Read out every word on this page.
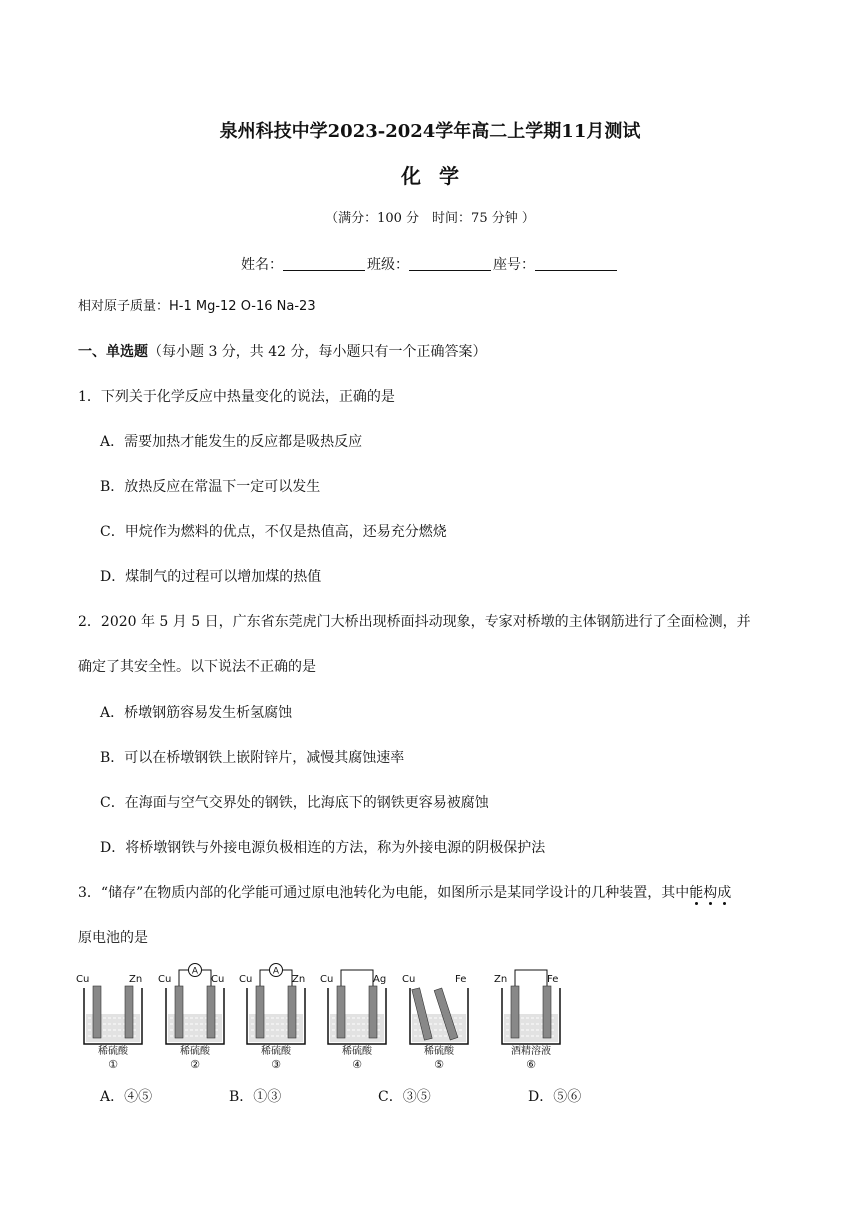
泉州科技中学2023-2024学年高二上学期11月测试
化学
（满分：100 分　时间：75 分钟 ）
姓名：	班级：	座号：
相对原子质量：H-1 Mg-12 O-16 Na-23
一、单选题（每小题 3 分，共 42 分，每小题只有一个正确答案）
1．下列关于化学反应中热量变化的说法，正确的是
A．需要加热才能发生的反应都是吸热反应
B．放热反应在常温下一定可以发生
C．甲烷作为燃料的优点，不仅是热值高，还易充分燃烧
D．煤制气的过程可以增加煤的热值
2．2020 年 5 月 5 日，广东省东莞虎门大桥出现桥面抖动现象，专家对桥墩的主体钢筋进行了全面检测，并
确定了其安全性。以下说法不正确的是
A．桥墩钢筋容易发生析氢腐蚀
B．可以在桥墩钢铁上嵌附锌片，减慢其腐蚀速率
C．在海面与空气交界处的钢铁，比海底下的钢铁更容易被腐蚀
D．将桥墩钢铁与外接电源负极相连的方法，称为外接电源的阴极保护法
3．“储存”在物质内部的化学能可通过原电池转化为电能，如图所示是某同学设计的几种装置，其中能构成
原电池的是
Cu	Zn
稀硫酸
①
Cu	Cu
A
稀硫酸
②
Cu	Zn
A
稀硫酸
③
Cu	Ag
稀硫酸
④
Cu	Fe
稀硫酸
⑤
Zn	Fe
酒精溶液
⑥
A．④⑤	B．①③	C．③⑤	D．⑤⑥
